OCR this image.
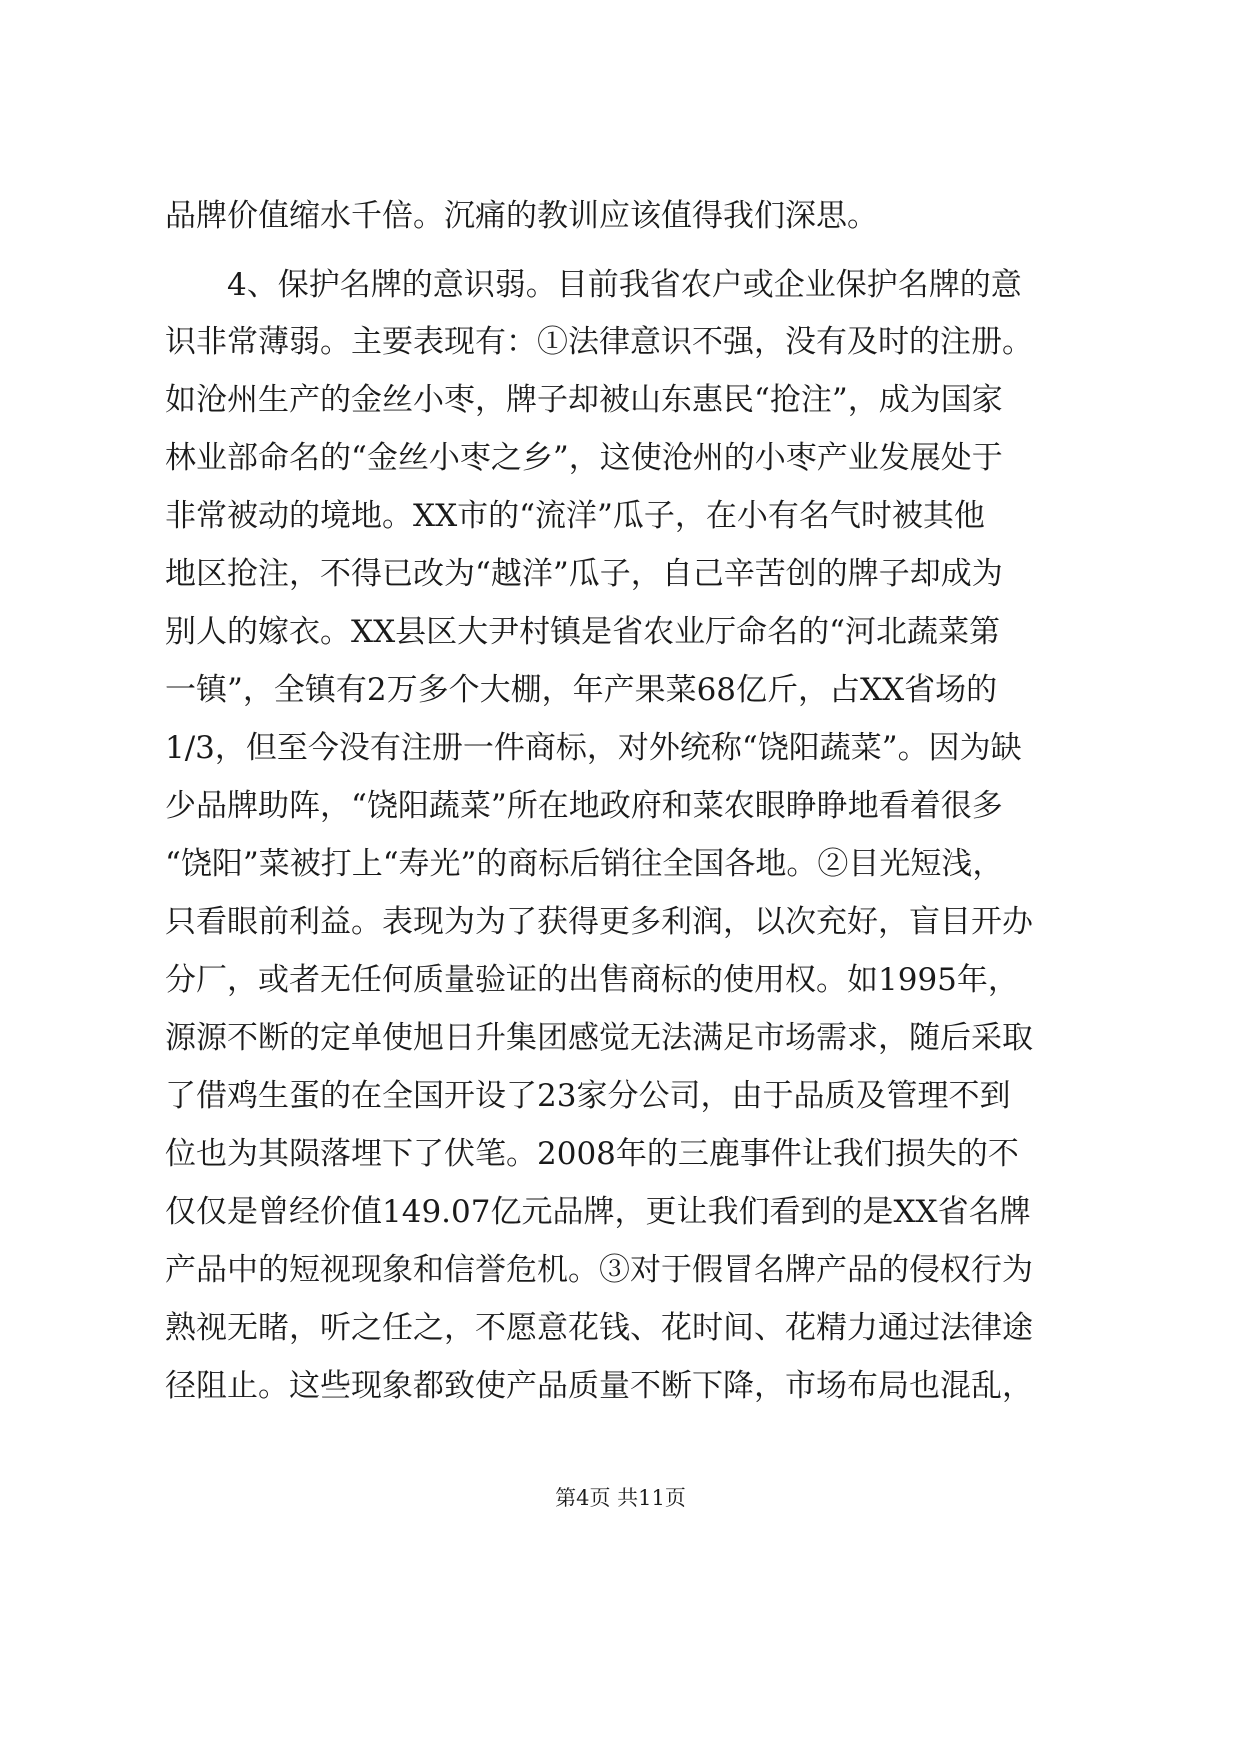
品牌价值缩水千倍。沉痛的教训应该值得我们深思。
　　4、保护名牌的意识弱。目前我省农户或企业保护名牌的意
识非常薄弱。主要表现有：①法律意识不强，没有及时的注册。
如沧州生产的金丝小枣，牌子却被山东惠民“抢注”，成为国家
林业部命名的“金丝小枣之乡”，这使沧州的小枣产业发展处于
非常被动的境地。XX市的“流洋”瓜子，在小有名气时被其他
地区抢注，不得已改为“越洋”瓜子，自己辛苦创的牌子却成为
别人的嫁衣。XX县区大尹村镇是省农业厅命名的“河北蔬菜第
一镇”，全镇有2万多个大棚，年产果菜68亿斤，占XX省场的
1/3，但至今没有注册一件商标，对外统称“饶阳蔬菜”。因为缺
少品牌助阵，“饶阳蔬菜”所在地政府和菜农眼睁睁地看着很多
“饶阳”菜被打上“寿光”的商标后销往全国各地。②目光短浅，
只看眼前利益。表现为为了获得更多利润，以次充好，盲目开办
分厂，或者无任何质量验证的出售商标的使用权。如1995年，
源源不断的定单使旭日升集团感觉无法满足市场需求，随后采取
了借鸡生蛋的在全国开设了23家分公司，由于品质及管理不到
位也为其陨落埋下了伏笔。2008年的三鹿事件让我们损失的不
仅仅是曾经价值149.07亿元品牌，更让我们看到的是XX省名牌
产品中的短视现象和信誉危机。③对于假冒名牌产品的侵权行为
熟视无睹，听之任之，不愿意花钱、花时间、花精力通过法律途
径阻止。这些现象都致使产品质量不断下降，市场布局也混乱，
第4页 共11页
